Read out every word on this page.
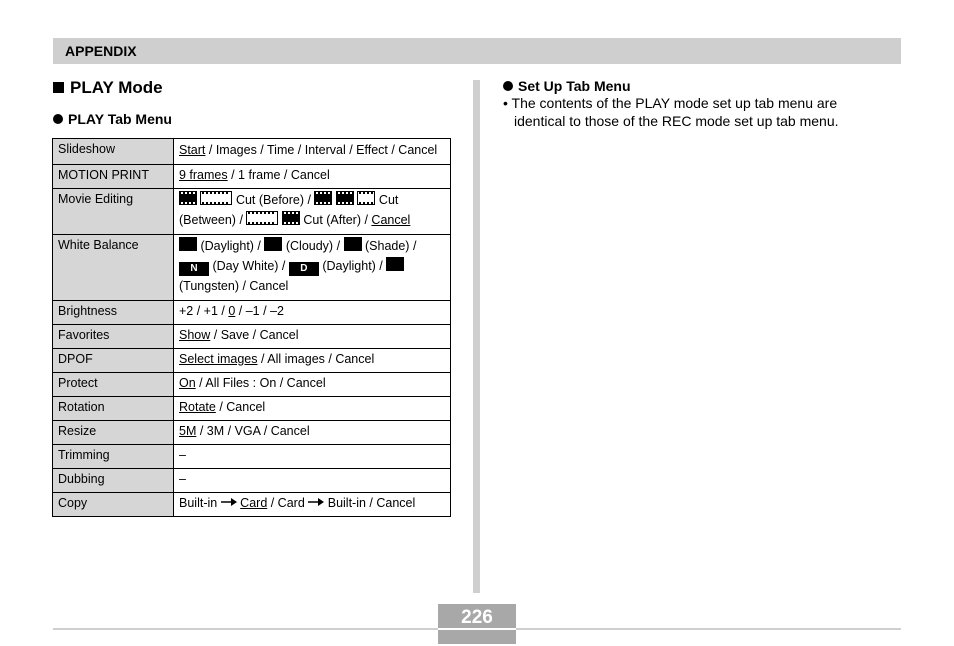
APPENDIX
PLAY Mode
PLAY Tab Menu
Slideshow	Start / Images / Time / Interval / Effect / Cancel
MOTION PRINT	9 frames / 1 frame / Cancel
Movie Editing	Cut (Before) / Cut (Between) / Cut (After) / Cancel
White Balance	(Daylight) /  (Cloudy) /  (Shade) / N (Day White) / D (Daylight) /  (Tungsten) / Cancel
Brightness	+2 / +1 / 0 / –1 / –2
Favorites	Show / Save / Cancel
DPOF	Select images / All images / Cancel
Protect	On / All Files : On / Cancel
Rotation	Rotate / Cancel
Resize	5M / 3M / VGA / Cancel
Trimming	–
Dubbing	–
Copy	Built-in  Card / Card  Built-in / Cancel
Set Up Tab Menu
• The contents of the PLAY mode set up tab menu are
identical to those of the REC mode set up tab menu.
226
